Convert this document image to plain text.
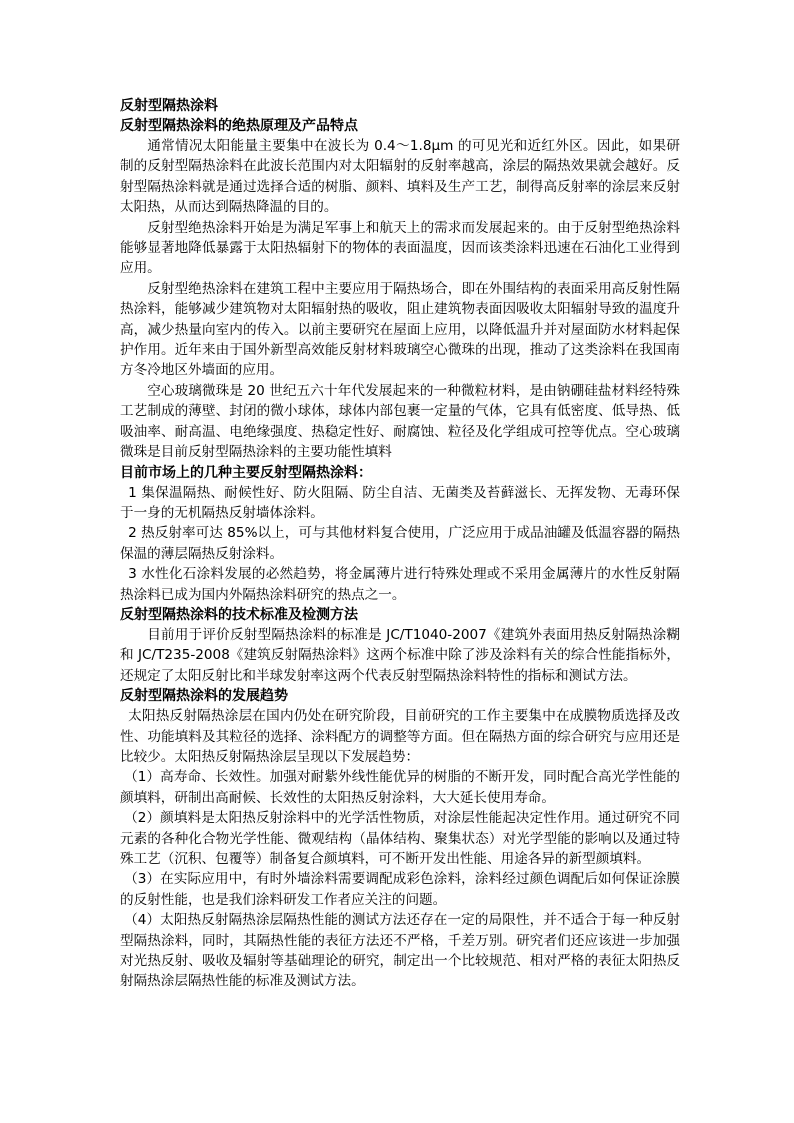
反射型隔热涂料
反射型隔热涂料的绝热原理及产品特点

通常情况太阳能量主要集中在波长为 0.4～1.8μm 的可见光和近红外区。因此，如果研制的反射型隔热涂料在此波长范围内对太阳辐射的反射率越高，涂层的隔热效果就会越好。反射型隔热涂料就是通过选择合适的树脂、颜料、填料及生产工艺，制得高反射率的涂层来反射太阳热，从而达到隔热降温的目的。

反射型绝热涂料开始是为满足军事上和航天上的需求而发展起来的。由于反射型绝热涂料能够显著地降低暴露于太阳热辐射下的物体的表面温度，因而该类涂料迅速在石油化工业得到应用。

反射型绝热涂料在建筑工程中主要应用于隔热场合，即在外围结构的表面采用高反射性隔热涂料，能够减少建筑物对太阳辐射热的吸收，阻止建筑物表面因吸收太阳辐射导致的温度升高，减少热量向室内的传入。以前主要研究在屋面上应用，以降低温升并对屋面防水材料起保护作用。近年来由于国外新型高效能反射材料玻璃空心微珠的出现，推动了这类涂料在我国南方冬冷地区外墙面的应用。

空心玻璃微珠是 20 世纪五六十年代发展起来的一种微粒材料，是由钠硼硅盐材料经特殊工艺制成的薄壁、封闭的微小球体，球体内部包裹一定量的气体，它具有低密度、低导热、低吸油率、耐高温、电绝缘强度、热稳定性好、耐腐蚀、粒径及化学组成可控等优点。空心玻璃微珠是目前反射型隔热涂料的主要功能性填料

目前市场上的几种主要反射型隔热涂料：

1 集保温隔热、耐候性好、防火阻隔、防尘自洁、无菌类及苔藓滋长、无挥发物、无毒环保于一身的无机隔热反射墙体涂料。

2 热反射率可达 85%以上，可与其他材料复合使用，广泛应用于成品油罐及低温容器的隔热保温的薄层隔热反射涂料。

3 水性化石涂料发展的必然趋势，将金属薄片进行特殊处理或不采用金属薄片的水性反射隔热涂料已成为国内外隔热涂料研究的热点之一。

反射型隔热涂料的技术标准及检测方法

目前用于评价反射型隔热涂料的标准是 JC/T1040-2007《建筑外表面用热反射隔热涂糊和 JC/T235-2008《建筑反射隔热涂料》这两个标准中除了涉及涂料有关的综合性能指标外，还规定了太阳反射比和半球发射率这两个代表反射型隔热涂料特性的指标和测试方法。

反射型隔热涂料的发展趋势

太阳热反射隔热涂层在国内仍处在研究阶段，目前研究的工作主要集中在成膜物质选择及改性、功能填料及其粒径的选择、涂料配方的调整等方面。但在隔热方面的综合研究与应用还是比较少。太阳热反射隔热涂层呈现以下发展趋势：

（1）高寿命、长效性。加强对耐紫外线性能优异的树脂的不断开发，同时配合高光学性能的颜填料，研制出高耐候、长效性的太阳热反射涂料，大大延长使用寿命。

（2）颜填料是太阳热反射涂料中的光学活性物质，对涂层性能起决定性作用。通过研究不同元素的各种化合物光学性能、微观结构（晶体结构、聚集状态）对光学型能的影响以及通过特殊工艺（沉积、包覆等）制备复合颜填料，可不断开发出性能、用途各异的新型颜填料。

（3）在实际应用中，有时外墙涂料需要调配成彩色涂料，涂料经过颜色调配后如何保证涂膜的反射性能，也是我们涂料研发工作者应关注的问题。

（4）太阳热反射隔热涂层隔热性能的测试方法还存在一定的局限性，并不适合于每一种反射型隔热涂料，同时，其隔热性能的表征方法还不严格，千差万别。研究者们还应该进一步加强对光热反射、吸收及辐射等基础理论的研究，制定出一个比较规范、相对严格的表征太阳热反射隔热涂层隔热性能的标准及测试方法。
